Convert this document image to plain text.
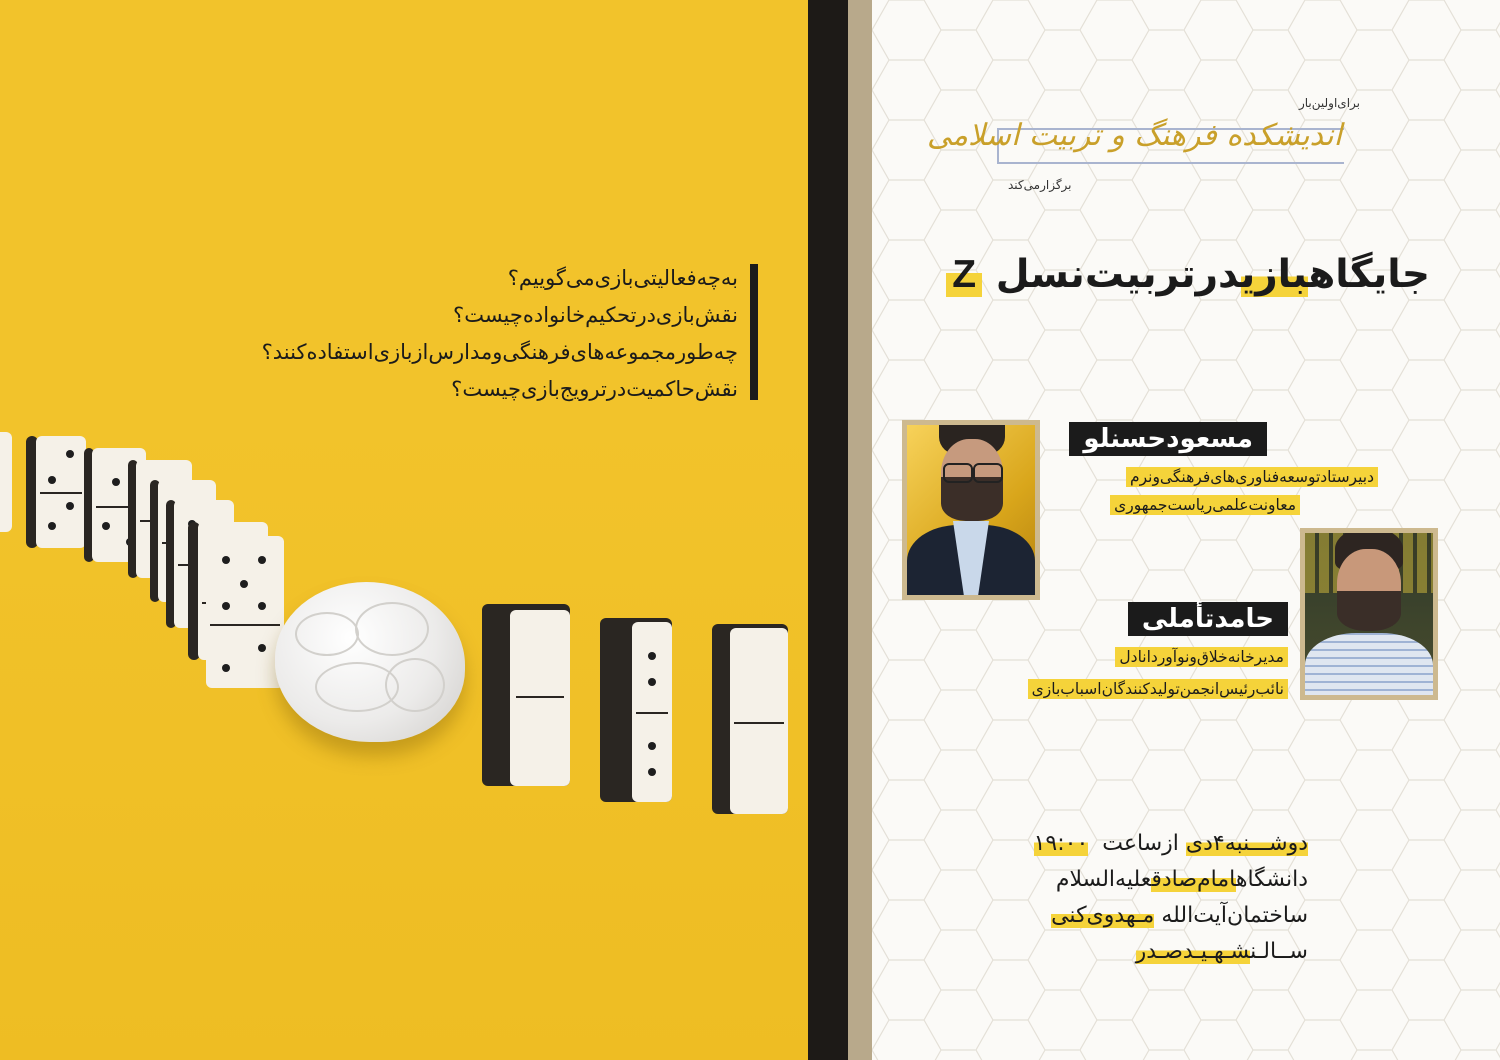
به‌چه‌فعالیتی‌بازی‌می‌گوییم؟
نقش‌بازی‌در‌تحکیم‌خانواده‌چیست؟
چه‌طور‌مجموعه‌های‌فرهنگی‌ومدارس‌از‌بازی‌استفاده‌کنند؟
نقش‌حاکمیت‌در‌ترویج‌بازی‌چیست؟
برای‌اولین‌بار
اندیشکده فرهنگ و تربیت اسلامی
برگزار‌می‌کند
جایگاهبازیدر‌تربیت‌نسل Z
مسعود‌حسنلو
دبیرستاد‌توسعه‌فناوری‌های‌فرهنگی‌ونرم
معاونت‌علمی‌ریاست‌جمهوری
حامد‌تأملی
مدیر‌خانه‌خلاق‌ونوآور‌دانادل
نائب‌رئیس‌انجمن‌تولیدکنندگان‌اسباب‌بازی
دوشـــنبه۴دی از‌ساعت  ۱۹:۰۰
دانشگاهامام‌صادقعلیه‌السلام
ساختمان‌آیت‌الله مـهدوی‌کنی
ســالـنشـهـیـد‌صـدر
